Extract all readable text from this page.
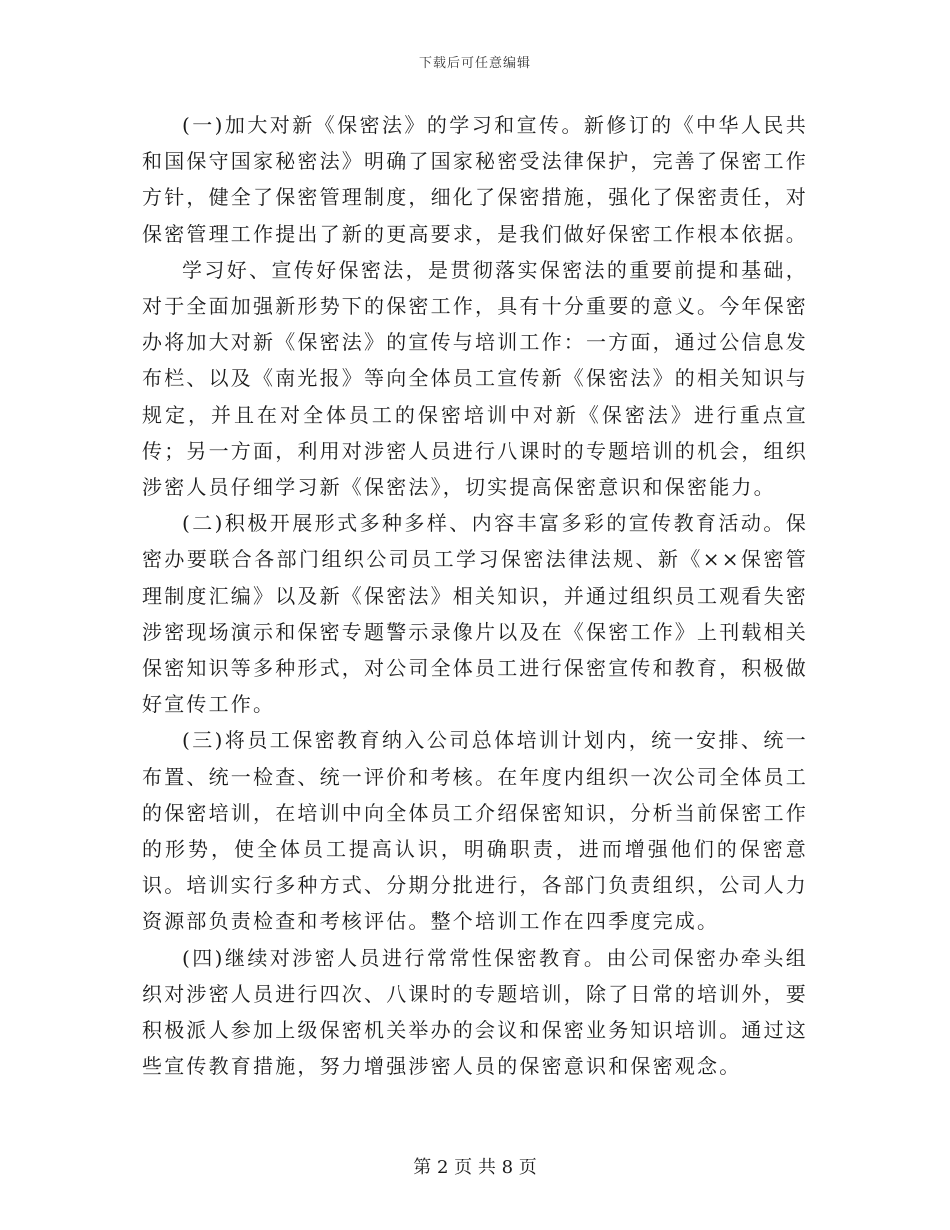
下载后可任意编辑

(一)加大对新《保密法》的学习和宣传。新修订的《中华人民共和国保守国家秘密法》明确了国家秘密受法律保护，完善了保密工作方针，健全了保密管理制度，细化了保密措施，强化了保密责任，对保密管理工作提出了新的更高要求，是我们做好保密工作根本依据。

学习好、宣传好保密法，是贯彻落实保密法的重要前提和基础，对于全面加强新形势下的保密工作，具有十分重要的意义。今年保密办将加大对新《保密法》的宣传与培训工作：一方面，通过公信息发布栏、以及《南光报》等向全体员工宣传新《保密法》的相关知识与规定，并且在对全体员工的保密培训中对新《保密法》进行重点宣传；另一方面，利用对涉密人员进行八课时的专题培训的机会，组织涉密人员仔细学习新《保密法》，切实提高保密意识和保密能力。

(二)积极开展形式多种多样、内容丰富多彩的宣传教育活动。保密办要联合各部门组织公司员工学习保密法律法规、新《××保密管理制度汇编》以及新《保密法》相关知识，并通过组织员工观看失密涉密现场演示和保密专题警示录像片以及在《保密工作》上刊载相关保密知识等多种形式，对公司全体员工进行保密宣传和教育，积极做好宣传工作。

(三)将员工保密教育纳入公司总体培训计划内，统一安排、统一布置、统一检查、统一评价和考核。在年度内组织一次公司全体员工的保密培训，在培训中向全体员工介绍保密知识，分析当前保密工作的形势，使全体员工提高认识，明确职责，进而增强他们的保密意识。培训实行多种方式、分期分批进行，各部门负责组织，公司人力资源部负责检查和考核评估。整个培训工作在四季度完成。

(四)继续对涉密人员进行常常性保密教育。由公司保密办牵头组织对涉密人员进行四次、八课时的专题培训，除了日常的培训外，要积极派人参加上级保密机关举办的会议和保密业务知识培训。通过这些宣传教育措施，努力增强涉密人员的保密意识和保密观念。

第 2 页 共 8 页
